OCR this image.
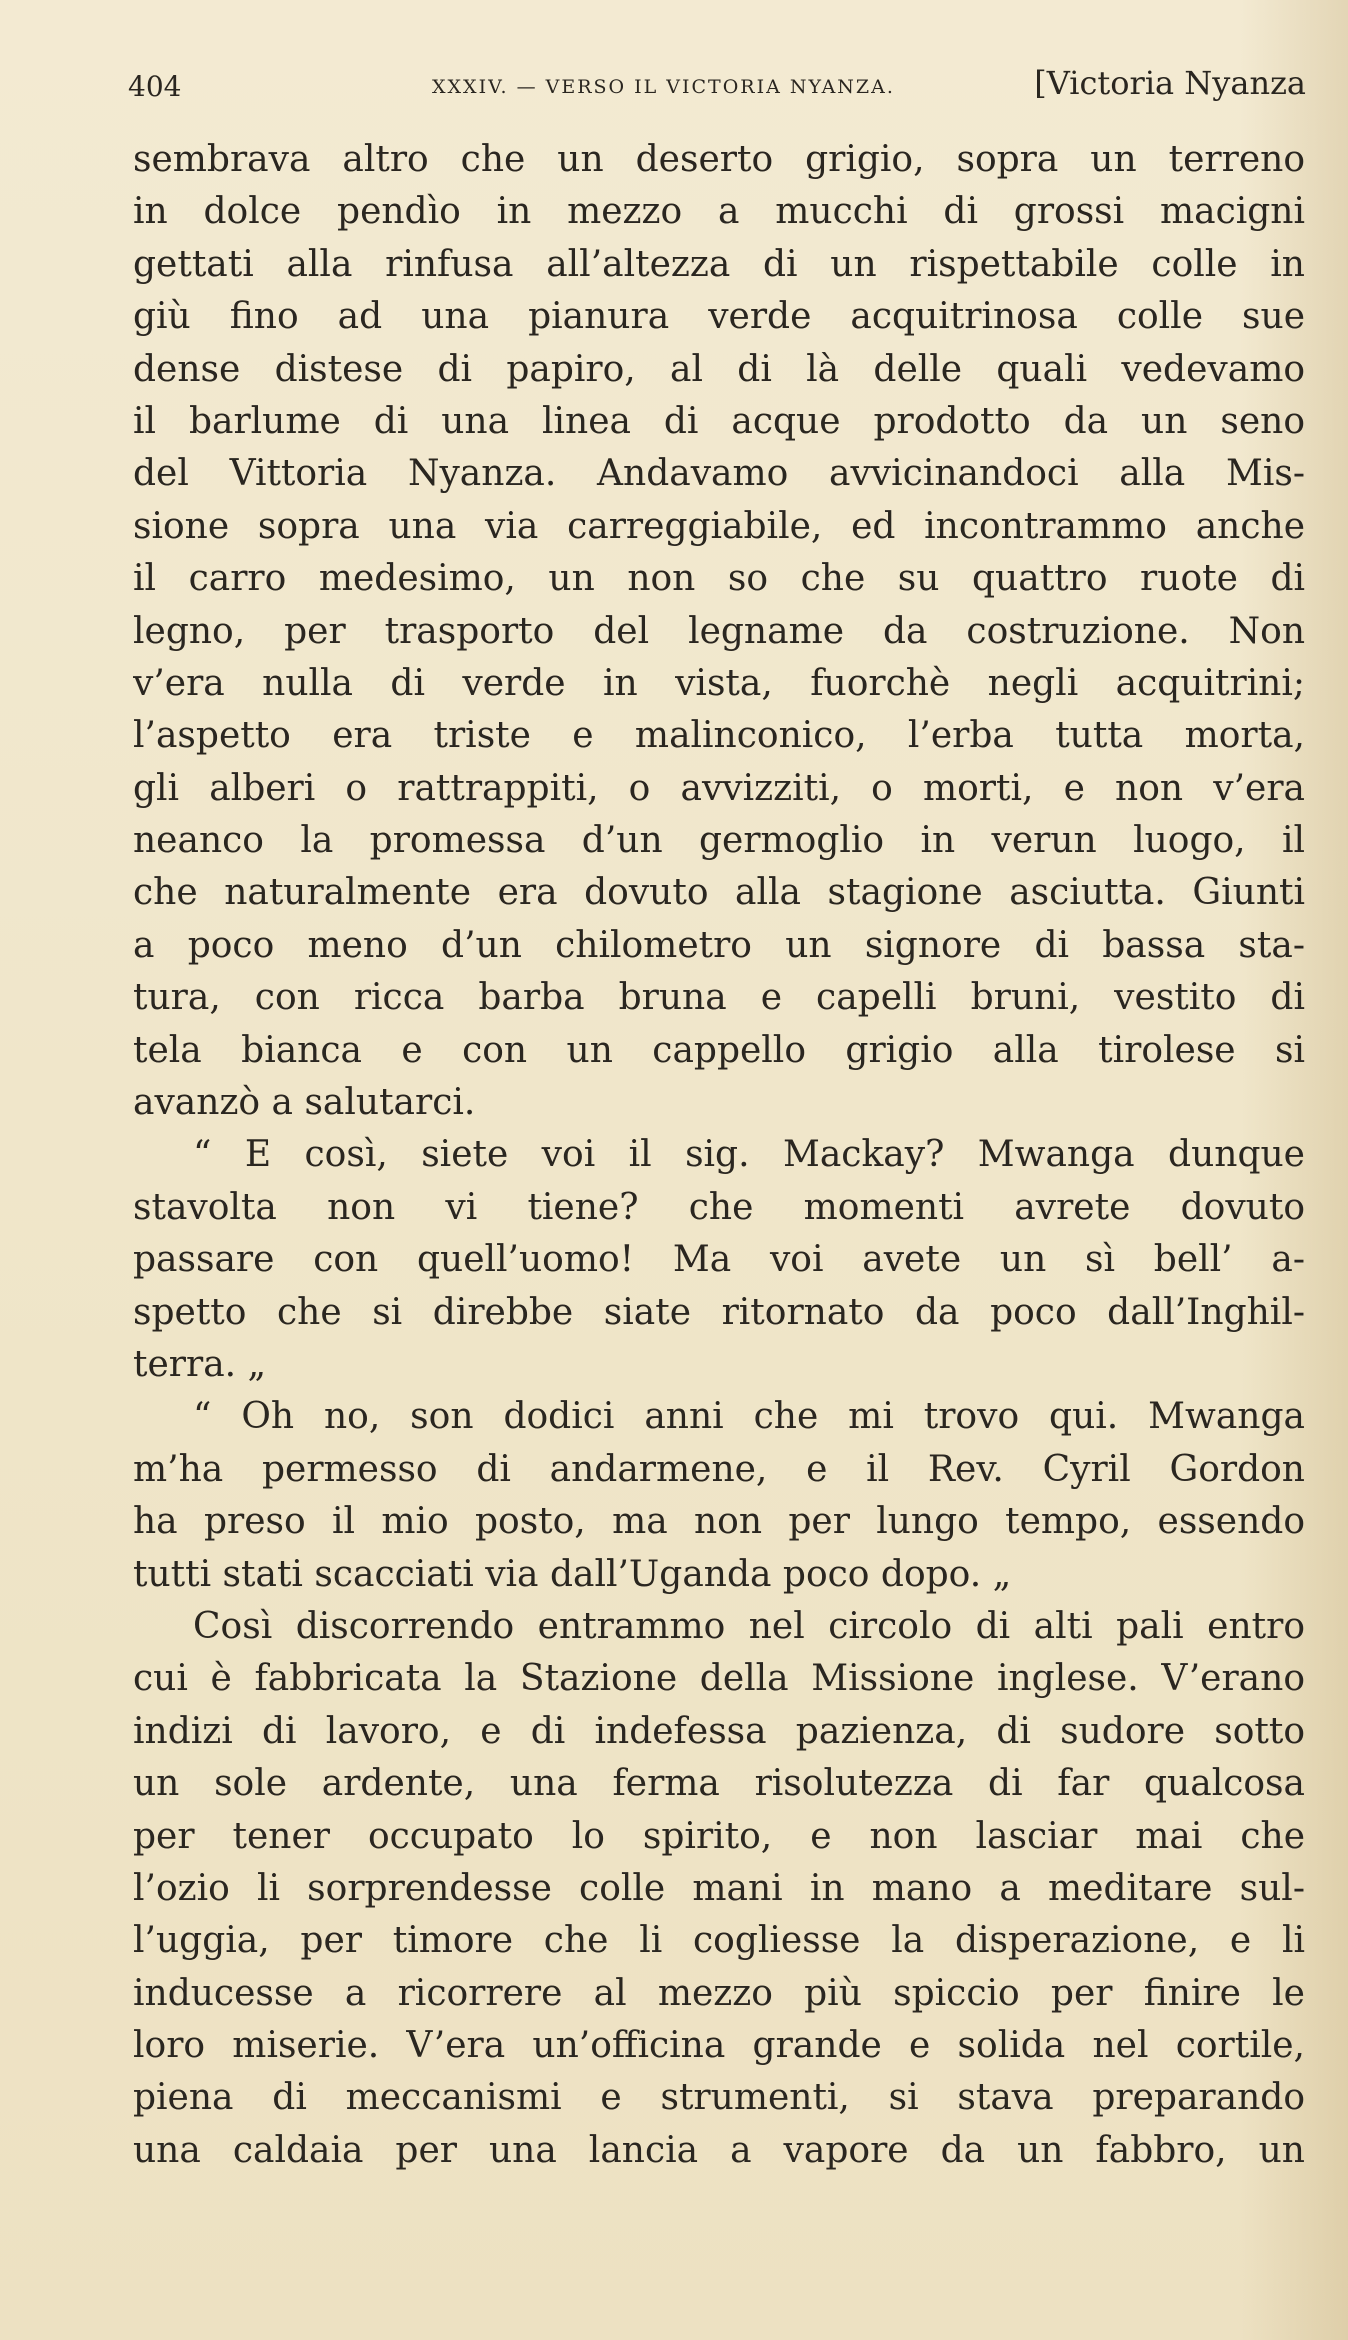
404	XXXIV. — VERSO IL VICTORIA NYANZA.	[Victoria Nyanza
sembrava altro che un deserto grigio, sopra un terreno
in dolce pendìo in mezzo a mucchi di grossi macigni
gettati alla rinfusa all’altezza di un rispettabile colle in
giù fino ad una pianura verde acquitrinosa colle sue
dense distese di papiro, al di là delle quali vedevamo
il barlume di una linea di acque prodotto da un seno
del Vittoria Nyanza. Andavamo avvicinandoci alla Mis-
sione sopra una via carreggiabile, ed incontrammo anche
il carro medesimo, un non so che su quattro ruote di
legno, per trasporto del legname da costruzione. Non
v’era nulla di verde in vista, fuorchè negli acquitrini;
l’aspetto era triste e malinconico, l’erba tutta morta,
gli alberi o rattrappiti, o avvizziti, o morti, e non v’era
neanco la promessa d’un germoglio in verun luogo, il
che naturalmente era dovuto alla stagione asciutta. Giunti
a poco meno d’un chilometro un signore di bassa sta-
tura, con ricca barba bruna e capelli bruni, vestito di
tela bianca e con un cappello grigio alla tirolese si
avanzò a salutarci.
“ E così, siete voi il sig. Mackay? Mwanga dunque
stavolta non vi tiene? che momenti avrete dovuto
passare con quell’uomo! Ma voi avete un sì bell’ a-
spetto che si direbbe siate ritornato da poco dall’Inghil-
terra. „
“ Oh no, son dodici anni che mi trovo qui. Mwanga
m’ha permesso di andarmene, e il Rev. Cyril Gordon
ha preso il mio posto, ma non per lungo tempo, essendo
tutti stati scacciati via dall’Uganda poco dopo. „
Così discorrendo entrammo nel circolo di alti pali entro
cui è fabbricata la Stazione della Missione inglese. V’erano
indizi di lavoro, e di indefessa pazienza, di sudore sotto
un sole ardente, una ferma risolutezza di far qualcosa
per tener occupato lo spirito, e non lasciar mai che
l’ozio li sorprendesse colle mani in mano a meditare sul-
l’uggia, per timore che li cogliesse la disperazione, e li
inducesse a ricorrere al mezzo più spiccio per finire le
loro miserie. V’era un’officina grande e solida nel cortile,
piena di meccanismi e strumenti, si stava preparando
una caldaia per una lancia a vapore da un fabbro, un
